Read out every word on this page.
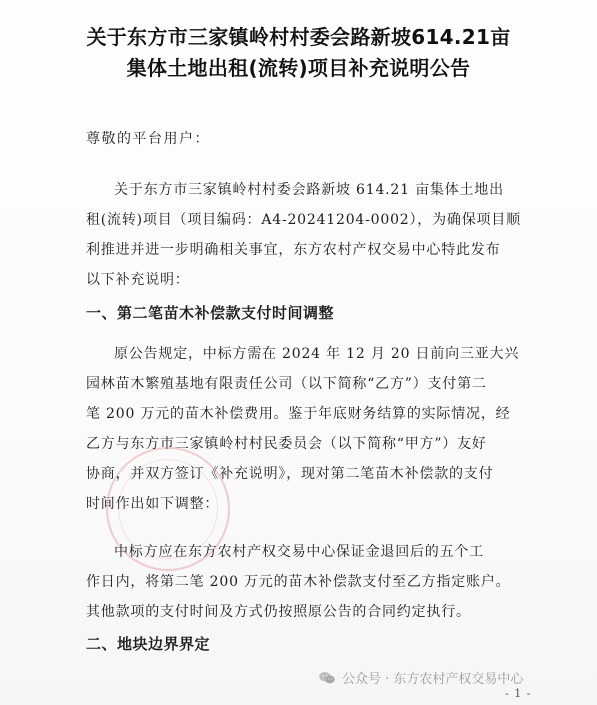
关于东方市三家镇岭村村委会路新坡614.21亩
集体土地出租(流转)项目补充说明公告
尊敬的平台用户：
关于东方市三家镇岭村村委会路新坡 614.21 亩集体土地出
租(流转)项目（项目编码：A4-20241204-0002），为确保项目顺
利推进并进一步明确相关事宜，东方农村产权交易中心特此发布
以下补充说明：
一、第二笔苗木补偿款支付时间调整
原公告规定，中标方需在 2024 年 12 月 20 日前向三亚大兴
园林苗木繁殖基地有限责任公司（以下简称“乙方”）支付第二
笔 200 万元的苗木补偿费用。鉴于年底财务结算的实际情况，经
乙方与东方市三家镇岭村村民委员会（以下简称“甲方”）友好
协商，并双方签订《补充说明》，现对第二笔苗木补偿款的支付
时间作出如下调整：
中标方应在东方农村产权交易中心保证金退回后的五个工
作日内，将第二笔 200 万元的苗木补偿款支付至乙方指定账户。
其他款项的支付时间及方式仍按照原公告的合同约定执行。
二、地块边界界定
公众号 · 东方农村产权交易中心
- 1 -
